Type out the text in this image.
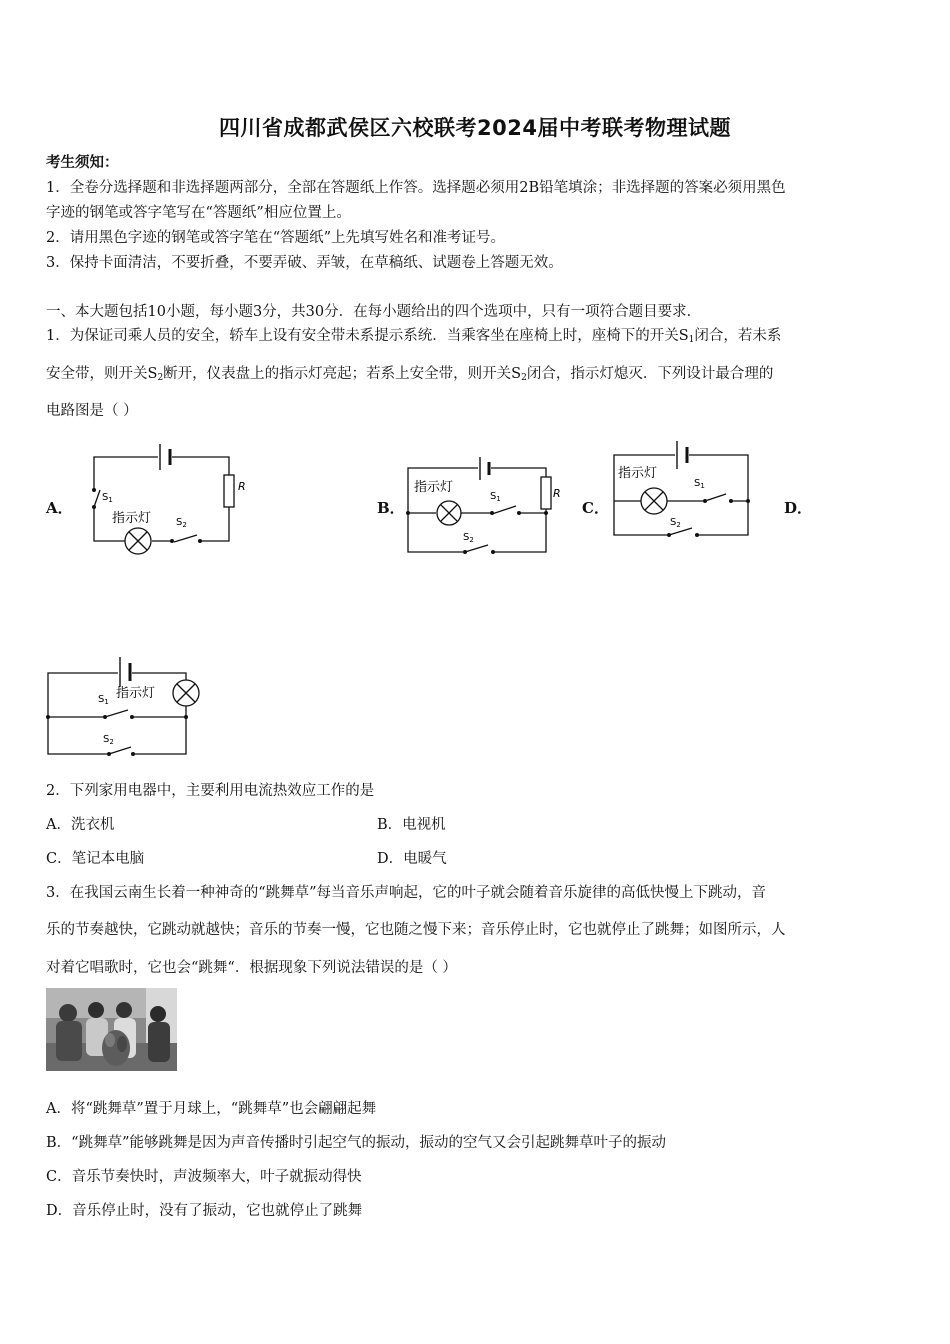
四川省成都武侯区六校联考2024届中考联考物理试题
考生须知：
1．全卷分选择题和非选择题两部分，全部在答题纸上作答。选择题必须用2B铅笔填涂；非选择题的答案必须用黑色
字迹的钢笔或答字笔写在“答题纸”相应位置上。
2．请用黑色字迹的钢笔或答字笔在“答题纸”上先填写姓名和准考证号。
3．保持卡面清洁，不要折叠，不要弄破、弄皱，在草稿纸、试题卷上答题无效。
一、本大题包括10小题，每小题3分，共30分．在每小题给出的四个选项中，只有一项符合题目要求．
1．为保证司乘人员的安全，轿车上设有安全带未系提示系统．当乘客坐在座椅上时，座椅下的开关$S_1$闭合，若未系
安全带，则开关$S_2$断开，仪表盘上的指示灯亮起；若系上安全带，则开关$S_2$闭合，指示灯熄灭．下列设计最合理的
电路图是（ ）
A．	B．	C．	D．
$S_1$
$S_2$
R
指示灯
指示灯
$S_1$
$S_2$
R
指示灯
$S_1$
$S_2$
指示灯
$S_1$
$S_2$
2．下列家用电器中，主要利用电流热效应工作的是
A．洗衣机	B．电视机
C．笔记本电脑	D．电暖气
3．在我国云南生长着一种神奇的“跳舞草”每当音乐声响起，它的叶子就会随着音乐旋律的高低快慢上下跳动，音
乐的节奏越快，它跳动就越快；音乐的节奏一慢，它也随之慢下来；音乐停止时，它也就停止了跳舞；如图所示，人
对着它唱歌时，它也会“跳舞“．根据现象下列说法错误的是（ ）
A．将“跳舞草”置于月球上，“跳舞草”也会翩翩起舞
B．“跳舞草”能够跳舞是因为声音传播时引起空气的振动，振动的空气又会引起跳舞草叶子的振动
C．音乐节奏快时，声波频率大，叶子就振动得快
D．音乐停止时，没有了振动，它也就停止了跳舞
